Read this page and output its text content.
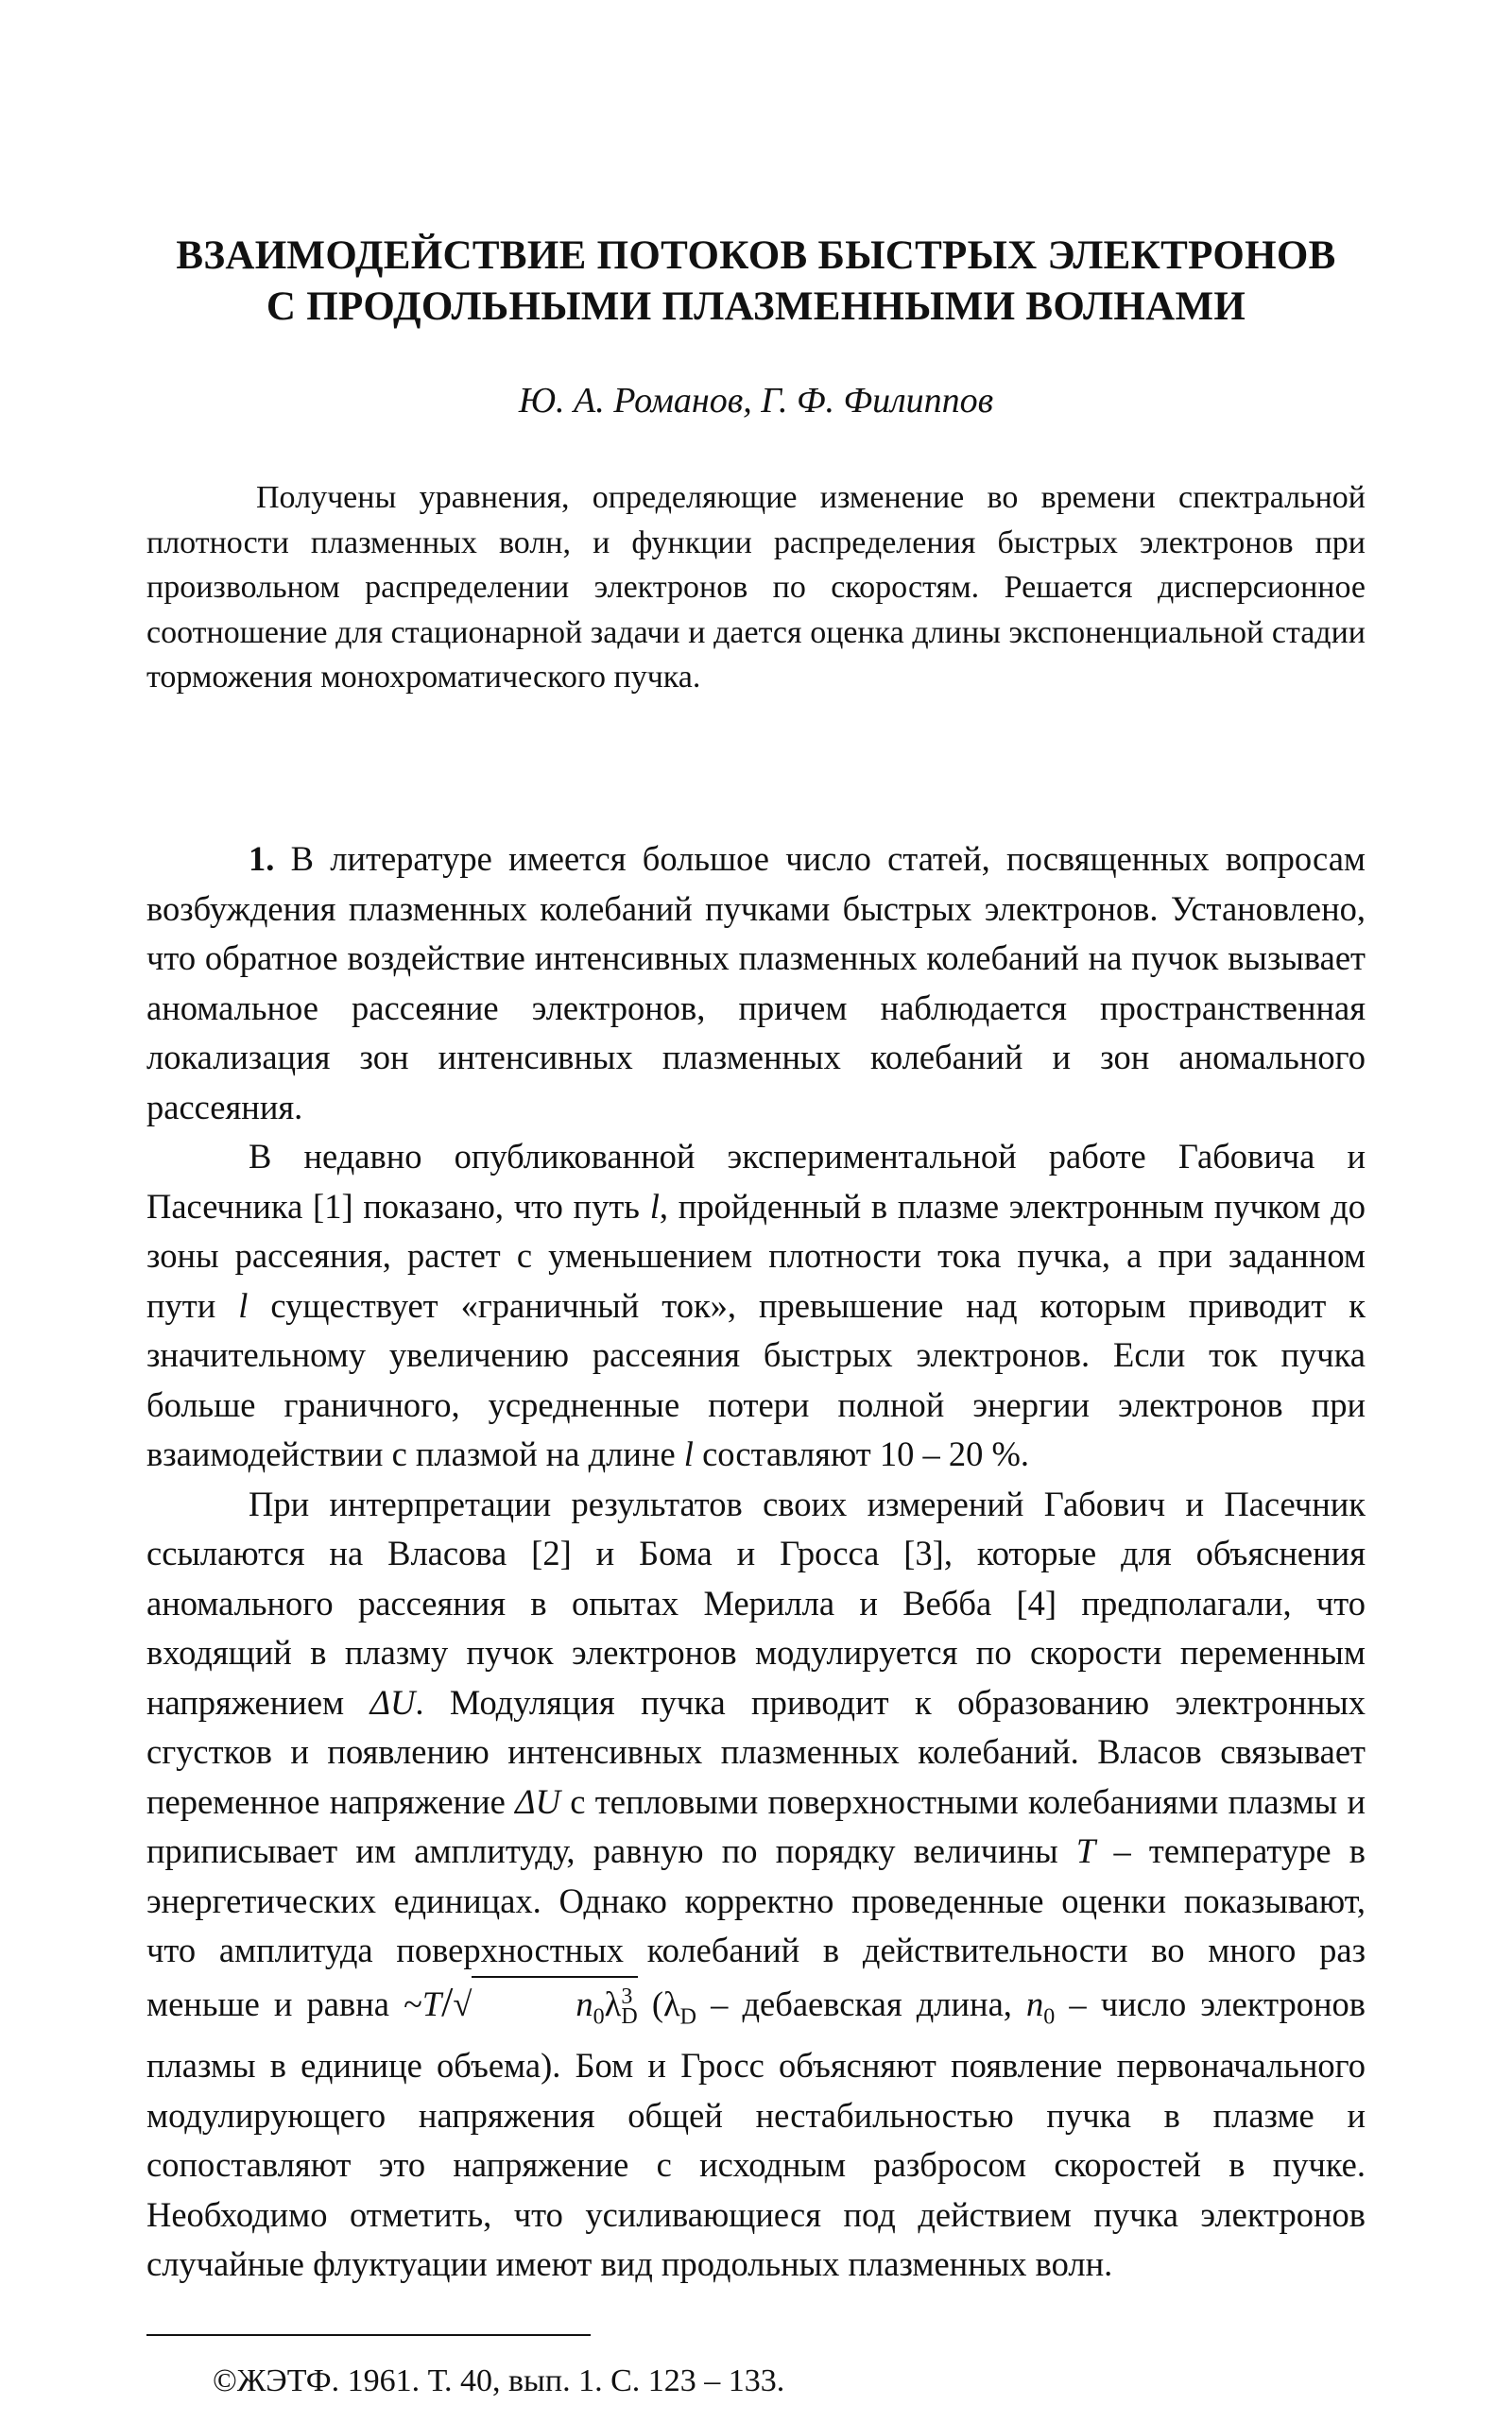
ВЗАИМОДЕЙСТВИЕ ПОТОКОВ БЫСТРЫХ ЭЛЕКТРОНОВ
С ПРОДОЛЬНЫМИ ПЛАЗМЕННЫМИ ВОЛНАМИ
Ю. А. Романов, Г. Ф. Филиппов
Получены уравнения, определяющие изменение во времени спектральной плотности плазменных волн, и функции распределения быстрых электронов при произвольном распределении электронов по скоростям. Решается дисперсионное соотношение для стационарной задачи и дается оценка длины экспоненциальной стадии торможения монохроматического пучка.

1. В литературе имеется большое число статей, посвященных вопросам возбуждения плазменных колебаний пучками быстрых электронов. Установлено, что обратное воздействие интенсивных плазменных колебаний на пучок вызывает аномальное рассеяние электронов, причем наблюдается пространственная локализация зон интенсивных плазменных колебаний и зон аномального рассеяния.

В недавно опубликованной экспериментальной работе Габовича и Пасечника [1] показано, что путь l, пройденный в плазме электронным пучком до зоны рассеяния, растет с уменьшением плотности тока пучка, а при заданном пути l существует «граничный ток», превышение над которым приводит к значительному увеличению рассеяния быстрых электронов. Если ток пучка больше граничного, усредненные потери полной энергии электронов при взаимодействии с плазмой на длине l составляют 10 – 20 %.

При интерпретации результатов своих измерений Габович и Пасечник ссылаются на Власова [2] и Бома и Гросса [3], которые для объяснения аномального рассеяния в опытах Мерилла и Вебба [4] предполагали, что входящий в плазму пучок электронов модулируется по скорости переменным напряжением ΔU. Модуляция пучка приводит к образованию электронных сгустков и появлению интенсивных плазменных колебаний. Власов связывает переменное напряжение ΔU с тепловыми поверхностными колебаниями плазмы и приписывает им амплитуду, равную по порядку величины T – температуре в энергетических единицах. Однако корректно проведенные оценки показывают, что амплитуда поверхностных колебаний в действительности во много раз меньше и равна ~T/√	$n_0\lambda^3_D$ ($\lambda_D$ – дебаевская длина, $n_0$ – число электронов плазмы в единице объема). Бом и Гросс объясняют появление первоначального модулирующего напряжения общей нестабильностью пучка в плазме и сопоставляют это напряжение с исходным разбросом скоростей в пучке. Необходимо отметить, что усиливающиеся под действием пучка электронов случайные флуктуации имеют вид продольных плазменных волн.

©ЖЭТФ. 1961. Т. 40, вып. 1. С. 123 – 133.
